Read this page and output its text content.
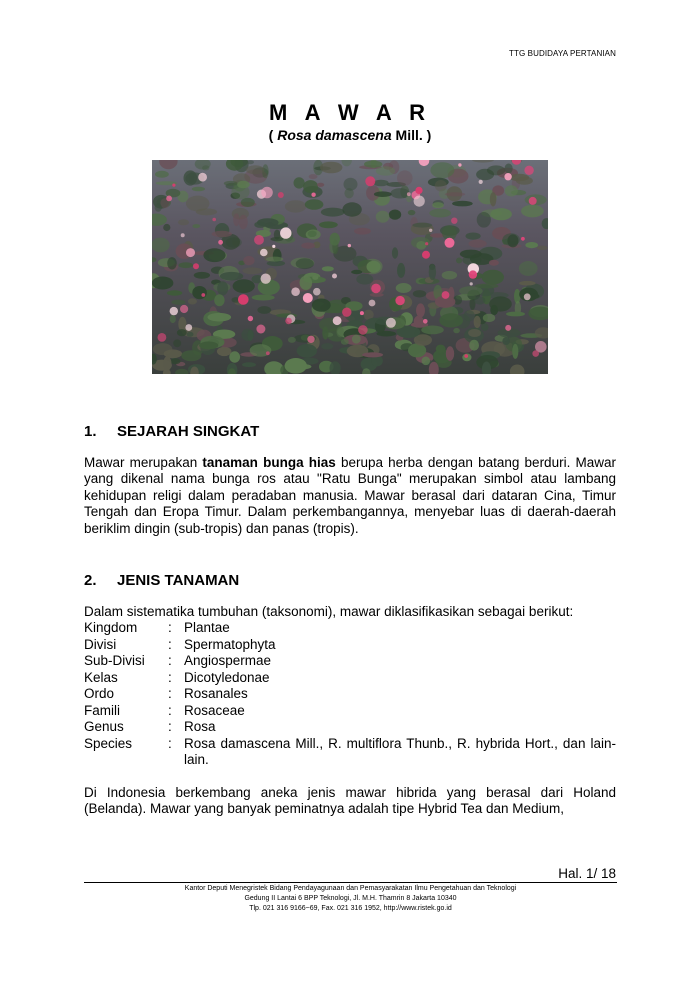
TTG BUDIDAYA PERTANIAN
M A W A R
( Rosa damascena Mill. )
1.	SEJARAH SINGKAT

Mawar merupakan tanaman bunga hias berupa herba dengan batang berduri. Mawar yang dikenal nama bunga ros atau "Ratu Bunga" merupakan simbol atau lambang kehidupan religi dalam peradaban manusia. Mawar berasal dari dataran Cina, Timur Tengah dan Eropa Timur. Dalam perkembangannya, menyebar luas di daerah-daerah beriklim dingin (sub-tropis) dan panas (tropis).

2.	JENIS TANAMAN

Dalam sistematika tumbuhan (taksonomi), mawar diklasifikasikan sebagai berikut:

Kingdom	: Plantae
Divisi	: Spermatophyta
Sub-Divisi	: Angiospermae
Kelas	: Dicotyledonae
Ordo	: Rosanales
Famili	: Rosaceae
Genus	: Rosa
Species	: Rosa damascena Mill., R. multiflora Thunb., R. hybrida Hort., dan lain-lain.

Di Indonesia berkembang aneka jenis mawar hibrida yang berasal dari Holand (Belanda). Mawar yang banyak peminatnya adalah tipe Hybrid Tea dan Medium,

Hal. 1/ 18
Kantor Deputi Menegristek Bidang Pendayagunaan dan Pemasyarakatan Ilmu Pengetahuan dan Teknologi
Gedung II Lantai 6 BPP Teknologi, Jl. M.H. Thamrin 8 Jakarta 10340
Tlp. 021 316 9166~69, Fax. 021 316 1952, http://www.ristek.go.id
